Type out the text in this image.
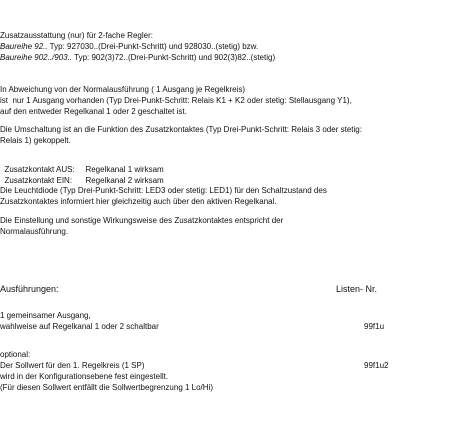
Zusatzausstattung (nur) für 2-fache Regler:
Baureihe 92.. Typ: 927030..(Drei-Punkt-Schritt) und 928030..(stetig) bzw.
Baureihe 902../903.. Typ: 902(3)72..(Drei-Punkt-Schritt) und 902(3)82..(stetig)
In Abweichung von der Normalausführung ( 1 Ausgang je Regelkreis)
ist  nur 1 Ausgang vorhanden (Typ Drei-Punkt-Schritt: Relais K1 + K2 oder stetig: Stellausgang Y1),
auf den entweder Regelkanal 1 oder 2 geschaltet ist.
Die Umschaltung ist an die Funktion des Zusatzkontaktes (Typ Drei-Punkt-Schritt: Relais 3 oder stetig:
Relais 1) gekoppelt.

Zusatzkontakt AUS: Regelkanal 1 wirksam

Zusatzkontakt EIN: Regelkanal 2 wirksam

Die Leuchtdiode (Typ Drei-Punkt-Schritt: LED3 oder stetig: LED1) für den Schaltzustand des
Zusatzkontaktes informiert hier gleichzeitig auch über den aktiven Regelkanal.
Die Einstellung und sonstige Wirkungsweise des Zusatzkontaktes entspricht der
Normalausführung.
Ausführungen:	Listen- Nr.
1 gemeinsamer Ausgang,
wahlweise auf Regelkanal 1 oder 2 schaltbar	99f1u
optional:
Der Sollwert für den 1. Regelkreis (1 SP)	99f1u2
wird in der Konfigurationsebene fest eingestellt.
(Für diesen Sollwert entfällt die Sollwertbegrenzung 1 Lo/Hi)
